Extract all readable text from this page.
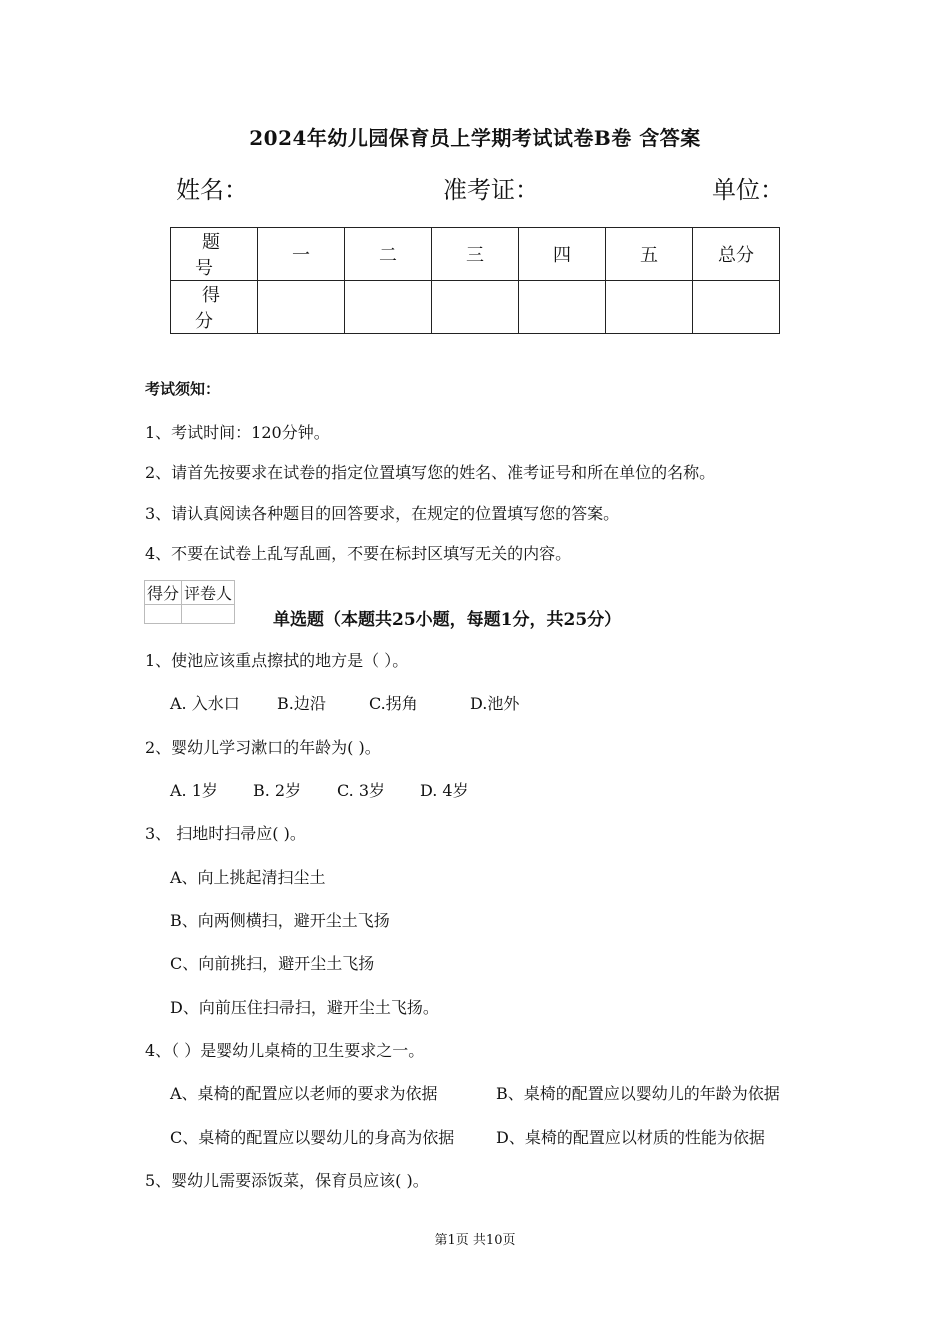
2024年幼儿园保育员上学期考试试卷B卷 含答案
姓名：	准考证：	单位：
题 号	一	二	三	四	五	总分
得 分						
考试须知：
1、考试时间：120分钟。
2、请首先按要求在试卷的指定位置填写您的姓名、准考证号和所在单位的名称。
3、请认真阅读各种题目的回答要求，在规定的位置填写您的答案。
4、不要在试卷上乱写乱画，不要在标封区填写无关的内容。
得分	评卷人

单选题（本题共25小题，每题1分，共25分）
1、使池应该重点擦拭的地方是（ ）。
A. 入水口 B.边沿	C.拐角	D.池外
2、婴幼儿学习漱口的年龄为( )。
A. 1岁 B. 2岁 C. 3岁 D. 4岁
3、 扫地时扫帚应( )。
A、向上挑起清扫尘土
B、向两侧横扫，避开尘土飞扬
C、向前挑扫，避开尘土飞扬
D、向前压住扫帚扫，避开尘土飞扬。
4、（ ）是婴幼儿桌椅的卫生要求之一。
A、桌椅的配置应以老师的要求为依据	B、桌椅的配置应以婴幼儿的年龄为依据
C、桌椅的配置应以婴幼儿的身高为依据	D、桌椅的配置应以材质的性能为依据
5、婴幼儿需要添饭菜，保育员应该( )。
第1页 共10页
